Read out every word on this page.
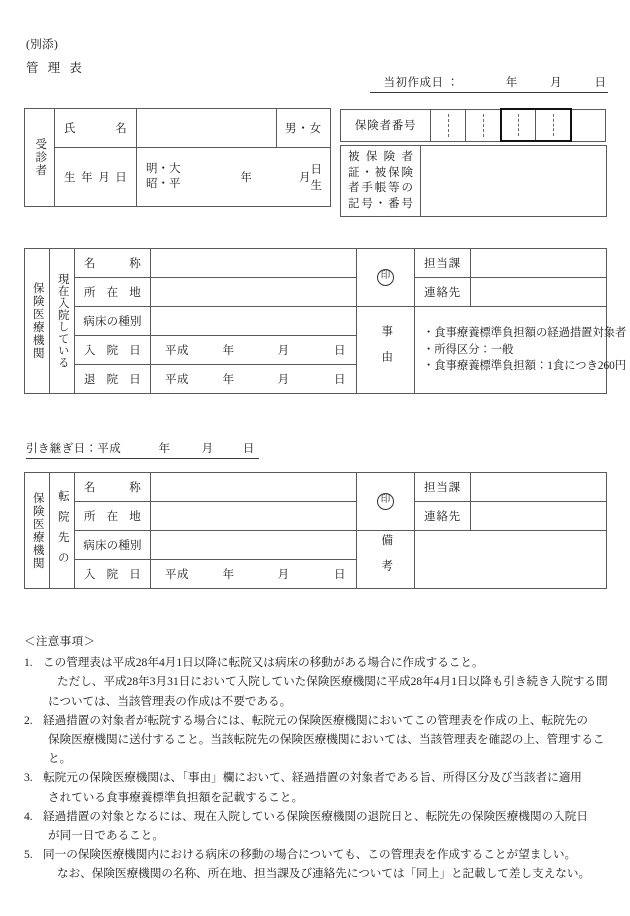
(別添)
管 理 表
当初作成日 ：	年	月	日
受診者	氏名		男・女

	生年月日	明・大
昭・平 年 月
日生	
保険者番号

被 保 険 者
証・被保険
者手帳等の
記号・番号

保険医療機関	現在入院している	名称		印	担当課	

		所在地			連絡先	

		病床の種別		事由	・食事療養標準負担額の経過措置対象者
・所得区分：一般
・食事療養標準負担額：1食につき260円	

		入院日	平成 年 月 日			

		退院日	平成 年 月 日			
引き継ぎ日：平成	年	月	日
保険医療機関	転院先の	名称		印	担当課	

		所在地			連絡先	

		病床の種別		備考		

		入院日	平成 年 月 日			
＜注意事項＞
1. この管理表は平成28年4月1日以降に転院又は病床の移動がある場合に作成すること。
ただし、平成28年3月31日において入院していた保険医療機関に平成28年4月1日以降も引き続き入院する間
については、当該管理表の作成は不要である。
2. 経過措置の対象者が転院する場合には、転院元の保険医療機関においてこの管理表を作成の上、転院先の
保険医療機関に送付すること。当該転院先の保険医療機関においては、当該管理表を確認の上、管理するこ
と。
3. 転院元の保険医療機関は、「事由」欄において、経過措置の対象者である旨、所得区分及び当該者に適用
されている食事療養標準負担額を記載すること。
4. 経過措置の対象となるには、現在入院している保険医療機関の退院日と、転院先の保険医療機関の入院日
が同一日であること。
5. 同一の保険医療機関内における病床の移動の場合についても、この管理表を作成することが望ましい。
なお、保険医療機関の名称、所在地、担当課及び連絡先については「同上」と記載して差し支えない。
